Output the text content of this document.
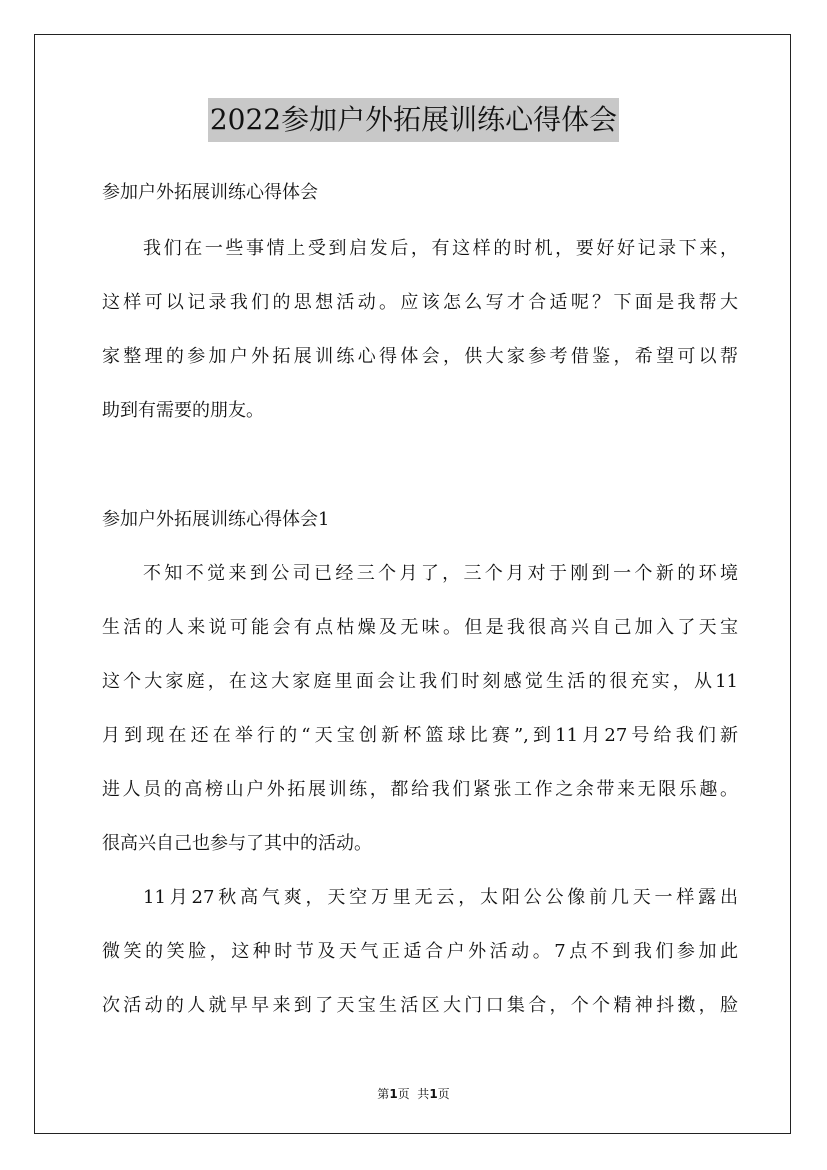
2022参加户外拓展训练心得体会
参加户外拓展训练心得体会
我们在一些事情上受到启发后，有这样的时机，要好好记录下来，
这样可以记录我们的思想活动。应该怎么写才合适呢？下面是我帮大
家整理的参加户外拓展训练心得体会，供大家参考借鉴，希望可以帮
助到有需要的朋友。
参加户外拓展训练心得体会1
不知不觉来到公司已经三个月了，三个月对于刚到一个新的环境
生活的人来说可能会有点枯燥及无味。但是我很高兴自己加入了天宝
这个大家庭，在这大家庭里面会让我们时刻感觉生活的很充实，从11
月到现在还在举行的“天宝创新杯篮球比赛”,到11月27号给我们新
进人员的高榜山户外拓展训练，都给我们紧张工作之余带来无限乐趣。
很高兴自己也参与了其中的活动。
11月27秋高气爽，天空万里无云，太阳公公像前几天一样露出
微笑的笑脸，这种时节及天气正适合户外活动。7点不到我们参加此
次活动的人就早早来到了天宝生活区大门口集合，个个精神抖擞，脸
第1页  共1页
